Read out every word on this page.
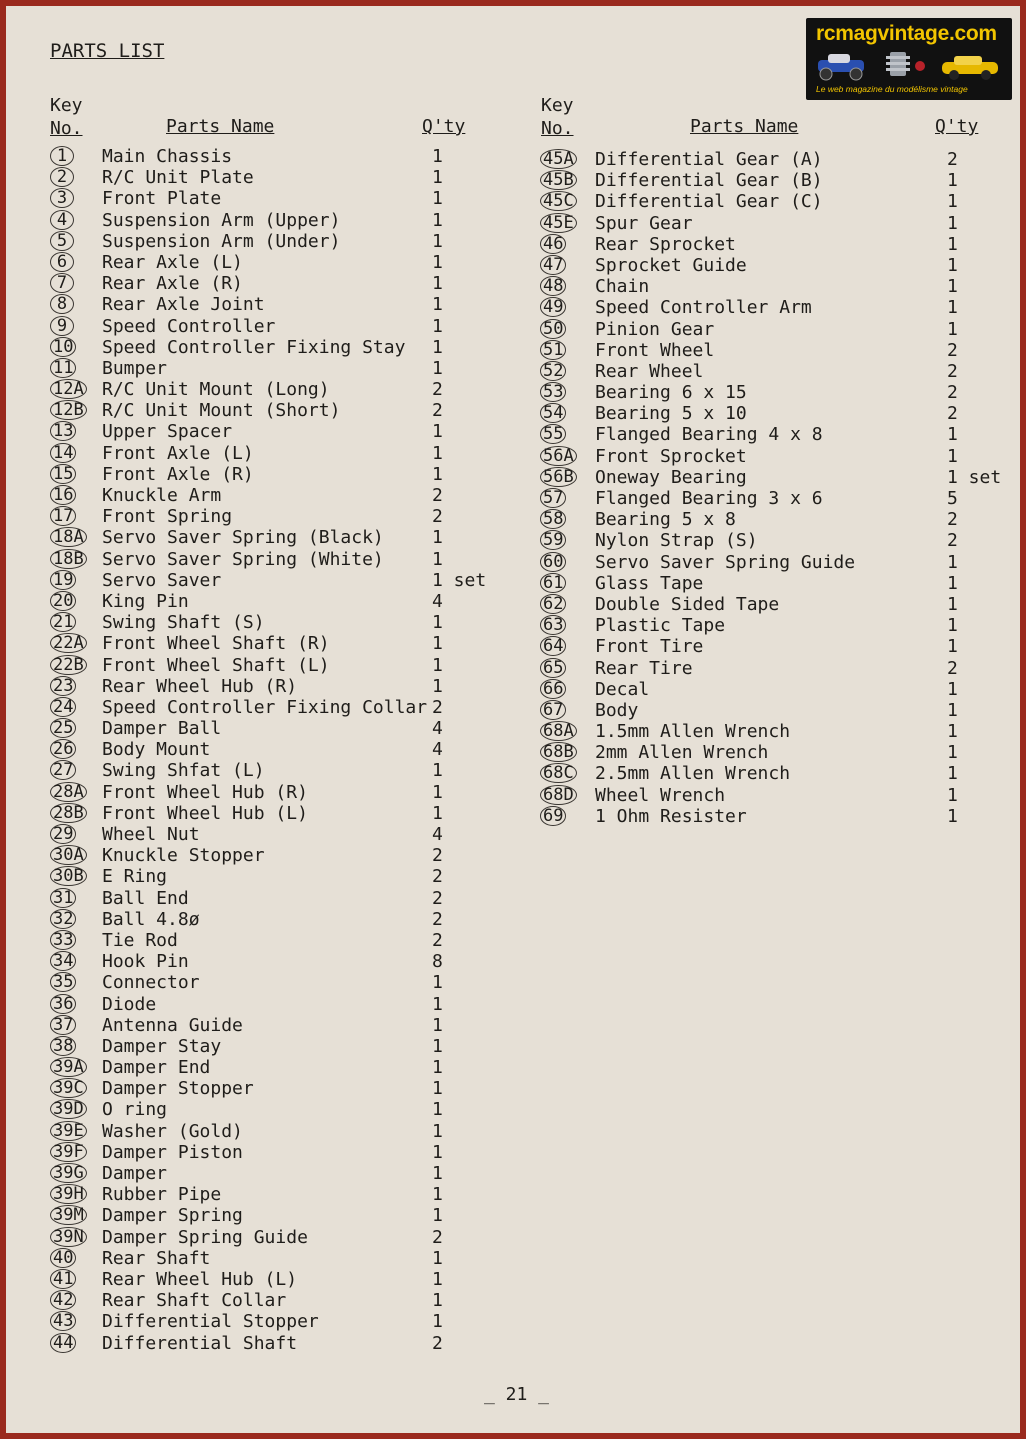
PARTS LIST
Key
No.	Parts Name	Q'ty
Key
No.	Parts Name	Q'ty
1	Main Chassis	1
2	R/C Unit Plate	1
3	Front Plate	1
4	Suspension Arm (Upper)	1
5	Suspension Arm (Under)	1
6	Rear Axle (L)	1
7	Rear Axle (R)	1
8	Rear Axle Joint	1
9	Speed Controller	1
10 Speed Controller Fixing Stay 1
11 Bumper	1
12A R/C Unit Mount (Long)	2
12B R/C Unit Mount (Short)	2
13 Upper Spacer	1
14 Front Axle (L)	1
15 Front Axle (R)	1
16 Knuckle Arm	2
17 Front Spring	2
18A Servo Saver Spring (Black)	1
18B Servo Saver Spring (White)	1
19 Servo Saver	1 set
20 King Pin	4
21 Swing Shaft (S)	1
22A Front Wheel Shaft (R)	1
22B Front Wheel Shaft (L)	1
23 Rear Wheel Hub (R)	1
24 Speed Controller Fixing Collar 2
25 Damper Ball	4
26 Body Mount	4
27 Swing Shfat (L)	1
28A Front Wheel Hub (R)	1
28B Front Wheel Hub (L)	1
29 Wheel Nut	4
30A Knuckle Stopper	2
30B E Ring	2
31 Ball End	2
32 Ball 4.8ø	2
33 Tie Rod	2
34 Hook Pin	8
35 Connector	1
36 Diode	1
37 Antenna Guide	1
38 Damper Stay	1
39A Damper End	1
39C Damper Stopper	1
39D O ring	1
39E Washer (Gold)	1
39F Damper Piston	1
39G Damper	1
39H Rubber Pipe	1
39M Damper Spring	1
39N Damper Spring Guide	2
40 Rear Shaft	1
41 Rear Wheel Hub (L)	1
42 Rear Shaft Collar	1
43 Differential Stopper	1
44 Differential Shaft	2
45A Differential Gear (A)	2
45B Differential Gear (B)	1
45C Differential Gear (C)	1
45E Spur Gear	1
46 Rear Sprocket	1
47 Sprocket Guide	1
48 Chain	1
49 Speed Controller Arm	1
50 Pinion Gear	1
51 Front Wheel	2
52 Rear Wheel	2
53 Bearing 6 x 15	2
54 Bearing 5 x 10	2
55 Flanged Bearing 4 x 8	1
56A Front Sprocket	1
56B Oneway Bearing	1 set
57 Flanged Bearing 3 x 6	5
58 Bearing 5 x 8	2
59 Nylon Strap (S)	2
60 Servo Saver Spring Guide	1
61 Glass Tape	1
62 Double Sided Tape	1
63 Plastic Tape	1
64 Front Tire	1
65 Rear Tire	2
66 Decal	1
67 Body	1
68A 1.5mm Allen Wrench	1
68B 2mm Allen Wrench	1
68C 2.5mm Allen Wrench	1
68D Wheel Wrench	1
69 1 Ohm Resister	1
_ 21 _
rcmagvintage.com
Le web magazine du modélisme vintage
